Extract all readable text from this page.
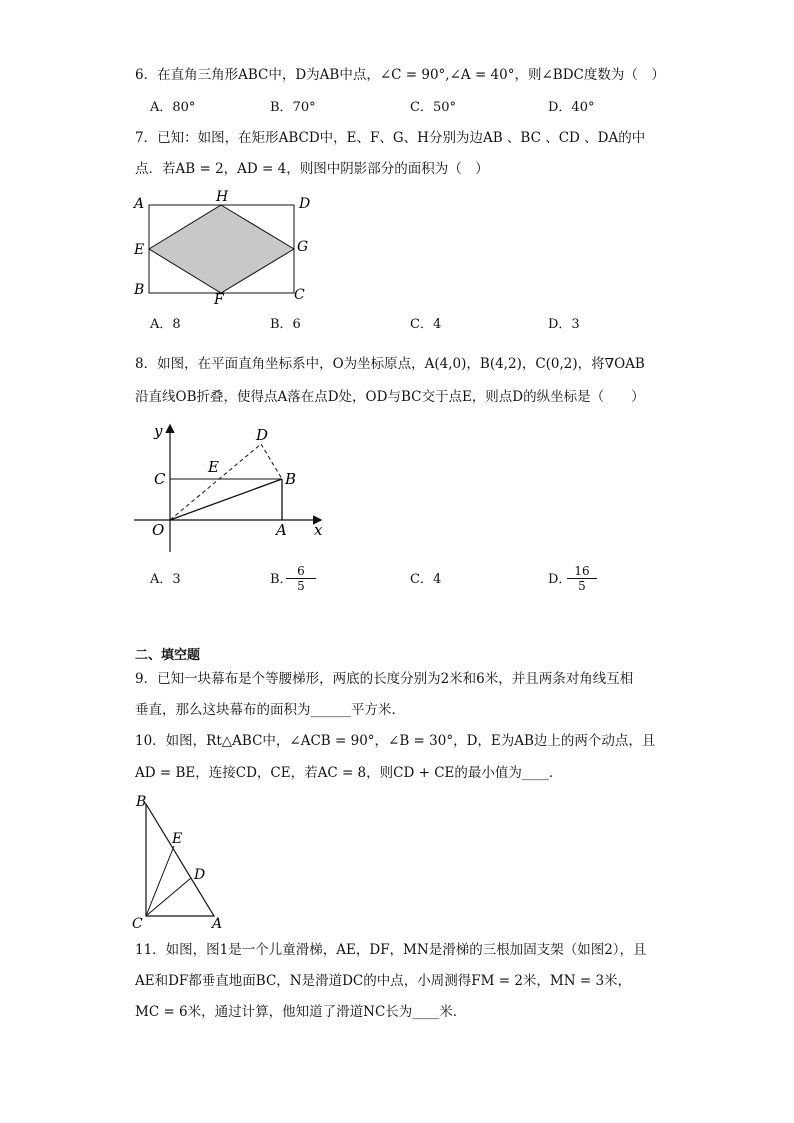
6．在直角三角形ABC中，D为AB中点，∠C = 90°,∠A = 40°，则∠BDC度数为（　）
A．80°	B．70°	C．50°	D．40°
7．已知：如图，在矩形ABCD中，E、F、G、H分别为边AB 、BC 、CD 、DA的中
点．若AB = 2，AD = 4，则图中阴影部分的面积为（　）
A	H	D
E	G
B
F	C
A．8	B．6	C．4	D．3
8．如图，在平面直角坐标系中，O为坐标原点，A(4,0)，B(4,2)，C(0,2)，将∇OAB
沿直线OB折叠，使得点A落在点D处，OD与BC交于点E，则点D的纵坐标是（　　）
y
x
O	A
B
C
D
E
A．3	B．
$\frac{6}{5}$	C．4	D．
$\frac{16}{5}$
二、填空题
9．已知一块幕布是个等腰梯形，两底的长度分别为2米和6米，并且两条对角线互相
垂直，那么这块幕布的面积为______平方米．
10．如图，Rt△ABC中，∠ACB = 90°，∠B = 30°，D，E为AB边上的两个动点，且
AD = BE，连接CD，CE，若AC = 8，则CD + CE的最小值为____．
B
E
D
C	A
11．如图，图1是一个儿童滑梯，AE，DF，MN是滑梯的三根加固支架（如图2），且
AE和DF都垂直地面BC，N是滑道DC的中点，小周测得FM = 2米，MN = 3米，
MC = 6米，通过计算，他知道了滑道NC长为____米．
